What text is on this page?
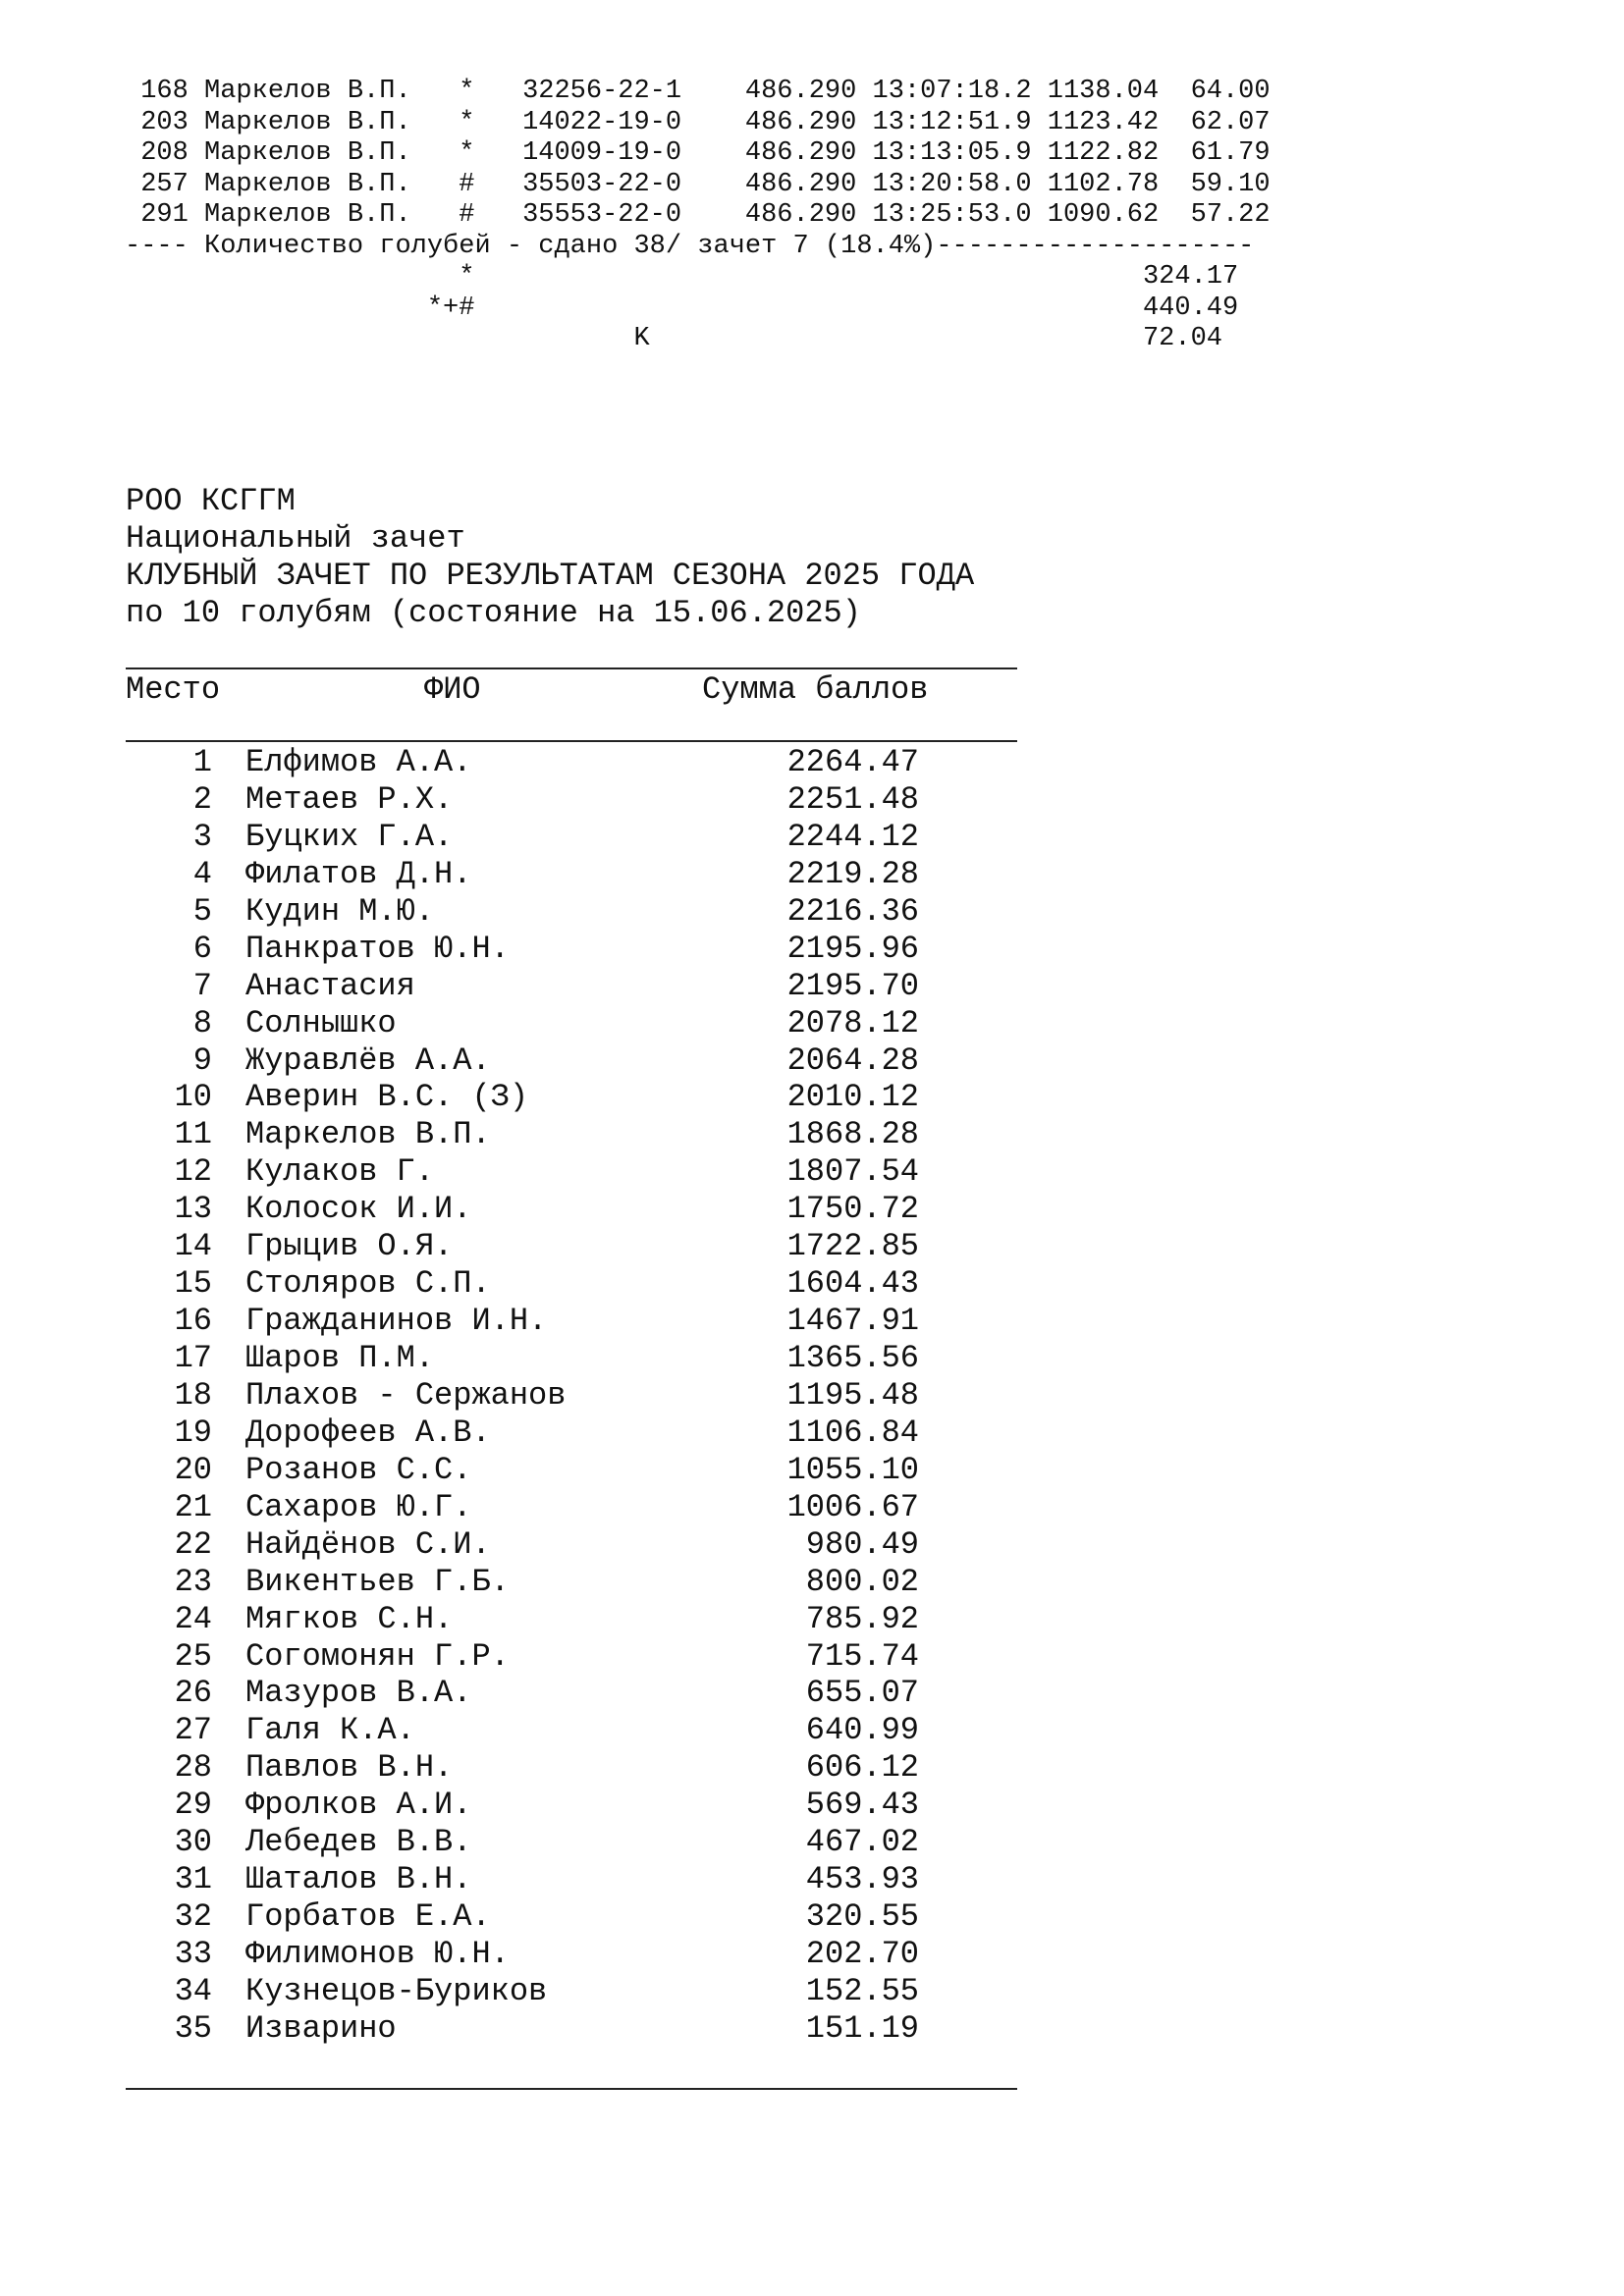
168 Маркелов В.П.   *   32256-22-1    486.290 13:07:18.2 1138.04  64.00
203 Маркелов В.П.   *   14022-19-0    486.290 13:12:51.9 1123.42  62.07
208 Маркелов В.П.   *   14009-19-0    486.290 13:13:05.9 1122.82  61.79
257 Маркелов В.П.   #   35503-22-0    486.290 13:20:58.0 1102.78  59.10
291 Маркелов В.П.   #   35553-22-0    486.290 13:25:53.0 1090.62  57.22
---- Количество голубей - сдано 38/ зачет 7 (18.4%)--------------------
*                                          324.17
*+#                                          440.49
K                               72.04
РОО КСГГМ
Национальный зачет
КЛУБНЫЙ ЗАЧЕТ ПО РЕЗУЛЬТАТАМ СЕЗОНА 2025 ГОДА
по 10 голубям (состояние на 15.06.2025)
Место	ФИО	Сумма баллов
1 Елфимов А.А.	2264.47
2 Метаев Р.Х.	2251.48
3 Буцких Г.А.	2244.12
4 Филатов Д.Н.	2219.28
5 Кудин М.Ю.	2216.36
6 Панкратов Ю.Н.	2195.96
7 Анастасия	2195.70
8 Солнышко	2078.12
9 Журавлёв А.А.	2064.28
10 Аверин В.С. (З)	2010.12
11 Маркелов В.П.	1868.28
12 Кулаков Г.	1807.54
13 Колосок И.И.	1750.72
14 Грыцив О.Я.	1722.85
15 Столяров С.П.	1604.43
16 Гражданинов И.Н.	1467.91
17 Шаров П.М.	1365.56
18 Плахов - Сержанов	1195.48
19 Дорофеев А.В.	1106.84
20 Розанов С.С.	1055.10
21 Сахаров Ю.Г.	1006.67
22 Найдёнов С.И.	980.49
23 Викентьев Г.Б.	800.02
24 Мягков С.Н.	785.92
25 Согомонян Г.Р.	715.74
26 Мазуров В.А.	655.07
27 Галя К.А.	640.99
28 Павлов В.Н.	606.12
29 Фролков А.И.	569.43
30 Лебедев В.В.	467.02
31 Шаталов В.Н.	453.93
32 Горбатов Е.А.	320.55
33 Филимонов Ю.Н.	202.70
34 Кузнецов-Буриков	152.55
35 Изварино	151.19
